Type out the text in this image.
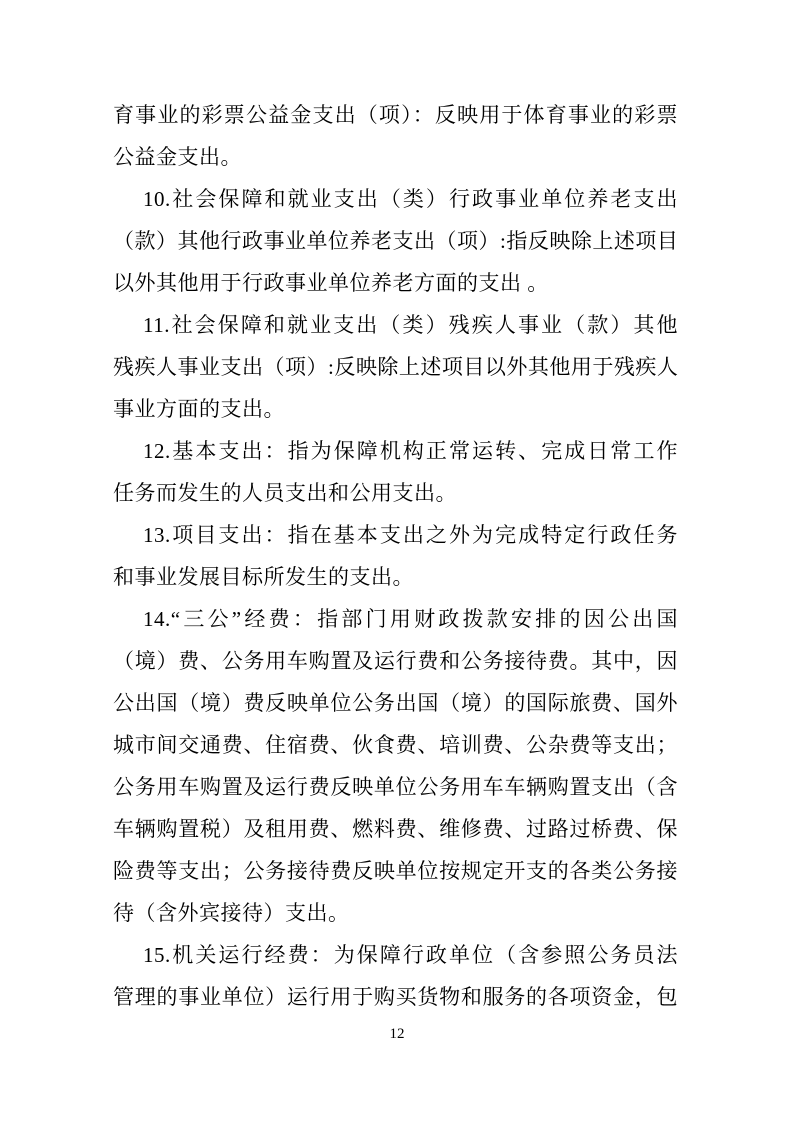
育事业的彩票公益金支出（项）：反映用于体育事业的彩票
公益金支出。
10.社会保障和就业支出（类）行政事业单位养老支出
（款）其他行政事业单位养老支出（项）:指反映除上述项目
以外其他用于行政事业单位养老方面的支出 。
11.社会保障和就业支出（类）残疾人事业（款）其他
残疾人事业支出（项）:反映除上述项目以外其他用于残疾人
事业方面的支出。
12.基本支出：指为保障机构正常运转、完成日常工作
任务而发生的人员支出和公用支出。
13.项目支出：指在基本支出之外为完成特定行政任务
和事业发展目标所发生的支出。
14.“三公”经费：指部门用财政拨款安排的因公出国
（境）费、公务用车购置及运行费和公务接待费。其中，因
公出国（境）费反映单位公务出国（境）的国际旅费、国外
城市间交通费、住宿费、伙食费、培训费、公杂费等支出；
公务用车购置及运行费反映单位公务用车车辆购置支出（含
车辆购置税）及租用费、燃料费、维修费、过路过桥费、保
险费等支出；公务接待费反映单位按规定开支的各类公务接
待（含外宾接待）支出。
15.机关运行经费：为保障行政单位（含参照公务员法
管理的事业单位）运行用于购买货物和服务的各项资金，包
12
